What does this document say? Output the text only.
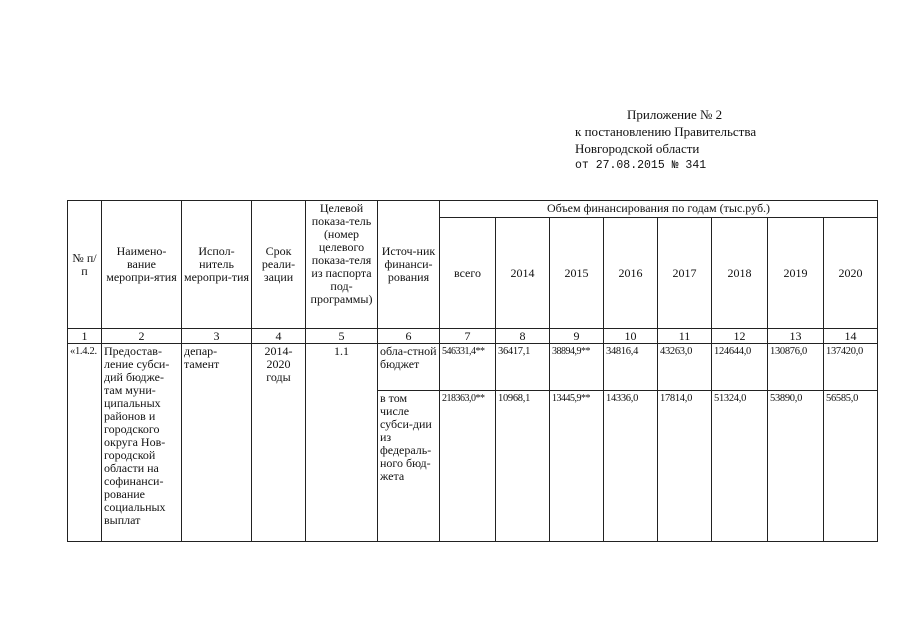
Приложение № 2
к постановлению Правительства
Новгородской области
от 27.08.2015 № 341
№ п/п	Наимено-вание меропри-ятия	Испол-нитель меропри-тия	Срок реали-зации	Целевой показа-тель (номер целевого показа-теля из паспорта под-программы)	Источ-ник финанси-рования	Объем финансирования по годам (тыс.руб.)							
						всего	2014	2015	2016	2017	2018	2019	2020
1	2	3	4	5	6	7	8	9	10	11	12	13	14
«1.4.2.	Предостав-ление субси-дий бюдже-там муни-ципальных районов и городского округа Нов-городской области на софинанси-рование социальных выплат	депар-тамент	2014-2020 годы	1.1	обла-стной бюджет	546331,4**	36417,1	38894,9**	34816,4	43263,0	124644,0	130876,0	137420,0
					в том числе субси-дии из федераль-ного бюд-жета	218363,0**	10968,1	13445,9**	14336,0	17814,0	51324,0	53890,0	56585,0
